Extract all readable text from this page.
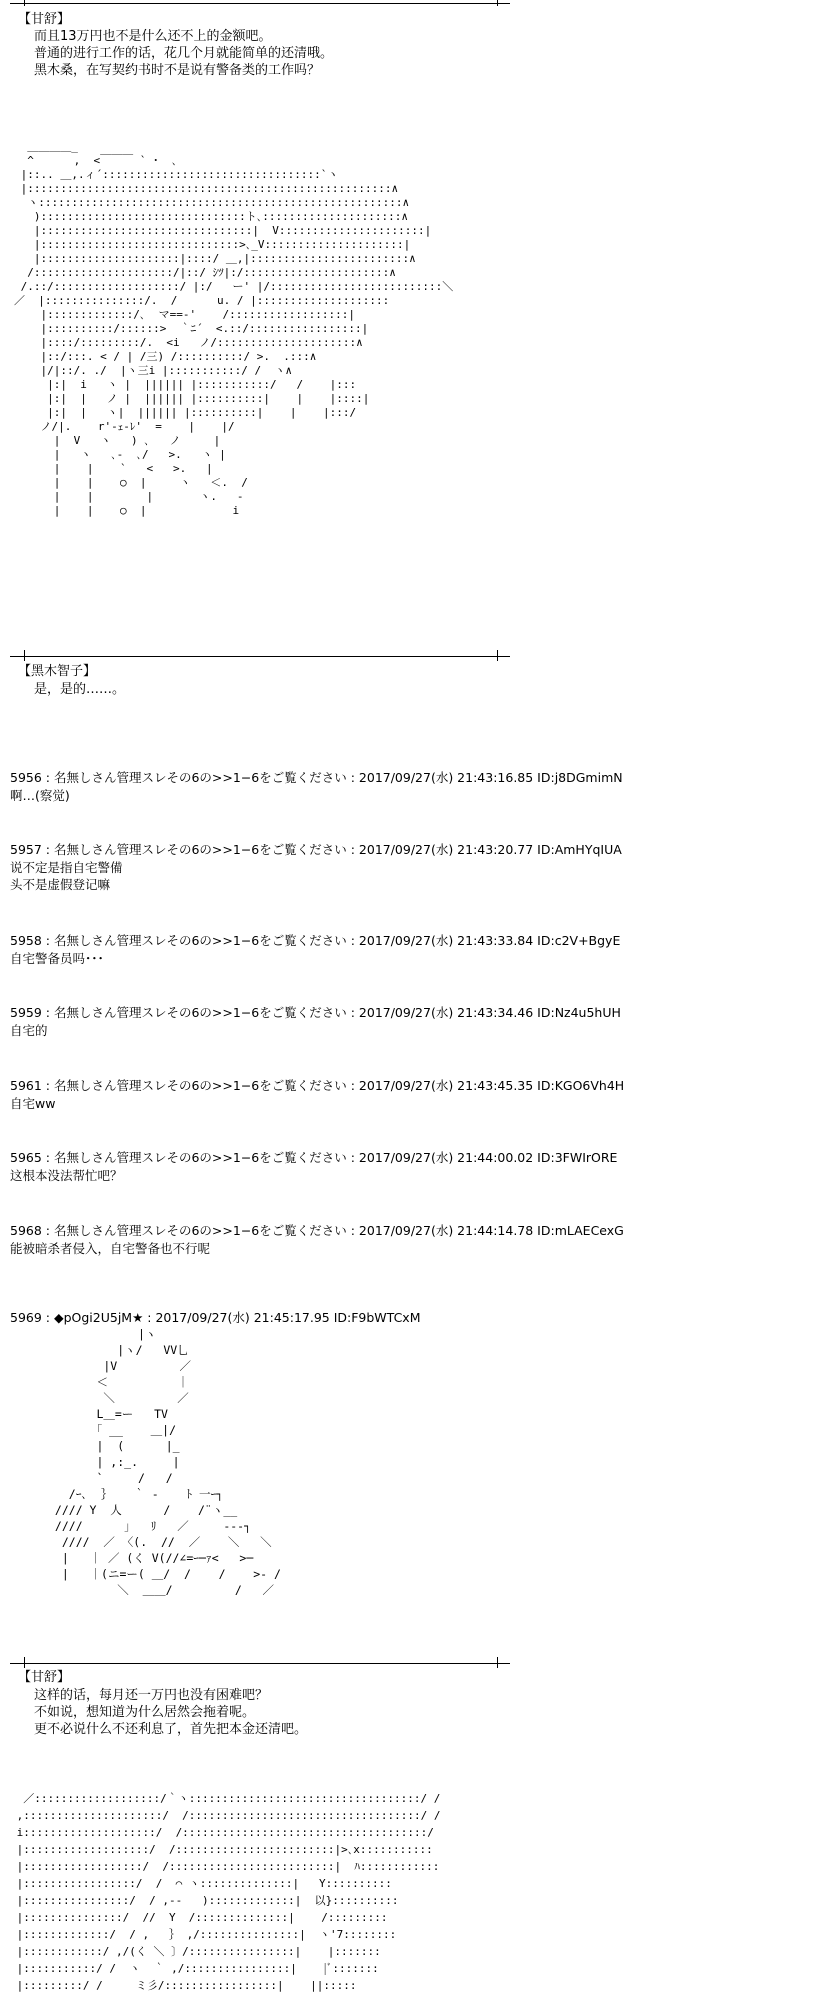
【甘舒】
而且13万円也不是什么还不上的金额吧。
普通的进行工作的话，花几个月就能简单的还清哦。
黑木桑，在写契约书时不是说有警备类的工作吗？
＿＿＿＿_
^      ,  <￣￣￣ ` ･  ､
|::.. ＿,.ィ´:::::::::::::::::::::::::::::::::`ヽ
|:::::::::::::::::::::::::::::::::::::::::::::::::::::::∧
ヽ:::::::::::::::::::::::::::::::::::::::::::::::::::::::∧
):::::::::::::::::::::::::::::::ト､:::::::::::::::::::::∧
|::::::::::::::::::::::::::::::::|  V::::::::::::::::::::::|
|::::::::::::::::::::::::::::::>､_V:::::::::::::::::::::|
|:::::::::::::::::::::|::::/ ＿,|::::::::::::::::::::::::∧
/:::::::::::::::::::::/|::/ ｼﾂ|:/::::::::::::::::::::::∧
/.::/:::::::::::::::::::/ |:/   ー' |/::::::::::::::::::::::::::＼
／  |:::::::::::::::/.  /      u. / |::::::::::::::::::::
|:::::::::::::/､  マ==-'    /::::::::::::::::::|
|::::::::::/::::::>  ｀ﾆ´  <.::/:::::::::::::::::|
|::::/:::::::::/.  <i   ノ/:::::::::::::::::::::∧
|::/:::. < / | /三) /::::::::::/ >.  .:::∧
|/|::/. ./  |ヽ三i |:::::::::::/ /  ヽ∧
|:|  i   ヽ |  |||||| |:::::::::::/   /    |:::
|:|  |   ノ |  |||||| |::::::::::|    |    |::::|
|:|  |   ヽ|  |||||| |::::::::::|    |    |:::/
ノ/|.    r'‐ｪ‐ﾚ'  =    |    |/
|  V   ヽ   ) ､   ノ     |
|   ヽ   ､-  ､/   >.   ヽ |
|    |    `   <   >.   |
|    |    ○  |     ヽ   ＜.  /
|    |        |       ヽ.   ‐
|    |    ○  |             i
【黑木智子】
是，是的……。
5956 : 名無しさん管理スレその6の>>1−6をご覧ください : 2017/09/27(水) 21:43:16.85 ID:j8DGmimN
啊…(察觉)
5957 : 名無しさん管理スレその6の>>1−6をご覧ください : 2017/09/27(水) 21:43:20.77 ID:AmHYqIUA
说不定是指自宅警備
头不是虚假登记嘛
5958 : 名無しさん管理スレその6の>>1−6をご覧ください : 2017/09/27(水) 21:43:33.84 ID:c2V+BgyE
自宅警备员吗･･･
5959 : 名無しさん管理スレその6の>>1−6をご覧ください : 2017/09/27(水) 21:43:34.46 ID:Nz4u5hUH
自宅的
5961 : 名無しさん管理スレその6の>>1−6をご覧ください : 2017/09/27(水) 21:43:45.35 ID:KGO6Vh4H
自宅ww
5965 : 名無しさん管理スレその6の>>1−6をご覧ください : 2017/09/27(水) 21:44:00.02 ID:3FWIrORE
这根本没法帮忙吧？
5968 : 名無しさん管理スレその6の>>1−6をご覧ください : 2017/09/27(水) 21:44:14.78 ID:mLAECexG
能被暗杀者侵入，自宅警备也不行呢
5969 : ◆pOgi2U5jM★ : 2017/09/27(水) 21:45:17.95 ID:F9bWTCxM
|ヽ
|ヽ/   VV乚
|V         ／
＜          ｜
＼         ／
L＿=ー   TV
｢ __    ＿|/
|  (      |_
| ,:_.     |
`     /   /
/ｰ､  ｝   ｀ -    ﾄ 一ｰ┐
//// Y  人      /    /¨ヽ__
////      ｣   ﾘ   ／     ---┐
////  ／ 〈(.  //  ／    ＼   ＼
|   ｜ ／ (く V(//∠=ｰ─ｧ<   >─
|   ｜(ニ=ー( ＿/  /    /    >- /
＼  ＿＿/         /   ／
【甘舒】
这样的话，每月还一万円也没有困难吧？
不如说，想知道为什么居然会拖着呢。
更不必说什么不还利息了，首先把本金还清吧。
／:::::::::::::::::::/｀ヽ:::::::::::::::::::::::::::::::::::/ /
,:::::::::::::::::::::/  /:::::::::::::::::::::::::::::::::::/ /
i::::::::::::::::::::/  /:::::::::::::::::::::::::::::::::::::/
|:::::::::::::::::::/  /::::::::::::::::::::::::|>､x:::::::::::
|::::::::::::::::::/  /:::::::::::::::::::::::::|  ﾊ::::::::::::
|:::::::::::::::::/  /  ⌒ ヽ::::::::::::::|   Y::::::::::
|::::::::::::::::/  / ,-‐   ):::::::::::::|  以}::::::::::
|:::::::::::::::/  //  Y  /::::::::::::::|    /:::::::::
|:::::::::::::/  / ,   ｝ ,/:::::::::::::::|  ヽ'7::::::::
|::::::::::::/ ,/(く ＼ 〕/::::::::::::::::|    |:::::::
|:::::::::::/ /  ヽ  ｀ ,/::::::::::::::::|    |ﾞ:::::::
|:::::::::/ /     ミ彡/:::::::::::::::::|    ||:::::
